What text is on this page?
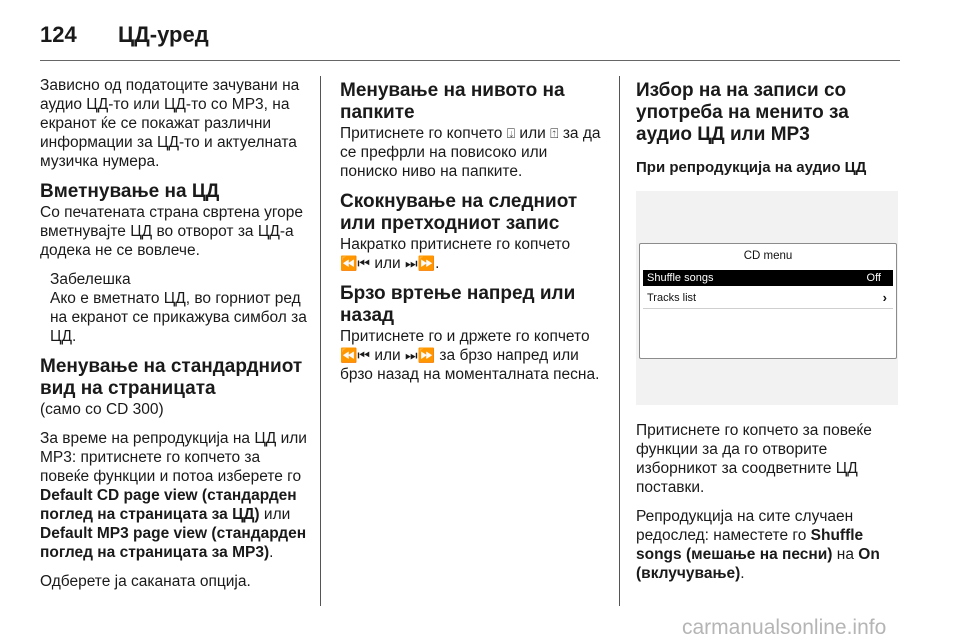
124 ЦД-уред

Зависно од податоците зачувани на аудио ЦД-то или ЦД-то со MP3, на екранот ќе се покажат различни информации за ЦД-то и актуелната музичка нумера.

Вметнување на ЦД

Со печатената страна свртена угоре вметнувајте ЦД во отворот за ЦД-а додека не се вовлече.

Забелешка

Ако е вметнато ЦД, во горниот ред на екранот се прикажува симбол за ЦД.

Менување на стандардниот вид на страницата

(само со CD 300)

За време на репродукција на ЦД или MP3: притиснете го копчето за повеќе функции и потоа изберете го Default CD page view (стандарден поглед на страницата за ЦД) или Default MP3 page view (стандарден поглед на страницата за MP3).

Одберете ја саканата опција.

Менување на нивото на папките

Притиснете го копчето ⍗ или ⍐ за да се префрли на повисоко или пониско ниво на папките.

Скокнување на следниот или претходниот запис

Накратко притиснете го копчето
⏪⏮ или ⏭⏩.

Брзо вртење напред или назад

Притиснете го и држете го копчето ⏪⏮ или ⏭⏩ за брзо напред или брзо назад на моменталната песна.

Избор на на записи со употреба на менито за аудио ЦД или MP3
При репродукција на аудио ЦД
CD menu
Shuffle songs	Off
Tracks list	›

Притиснете го копчето за повеќе функции за да го отворите изборникот за соодветните ЦД поставки.

Репродукција на сите случаен редослед: наместете го Shuffle songs (мешање на песни) на On (вклучување).

carmanualsonline.info
